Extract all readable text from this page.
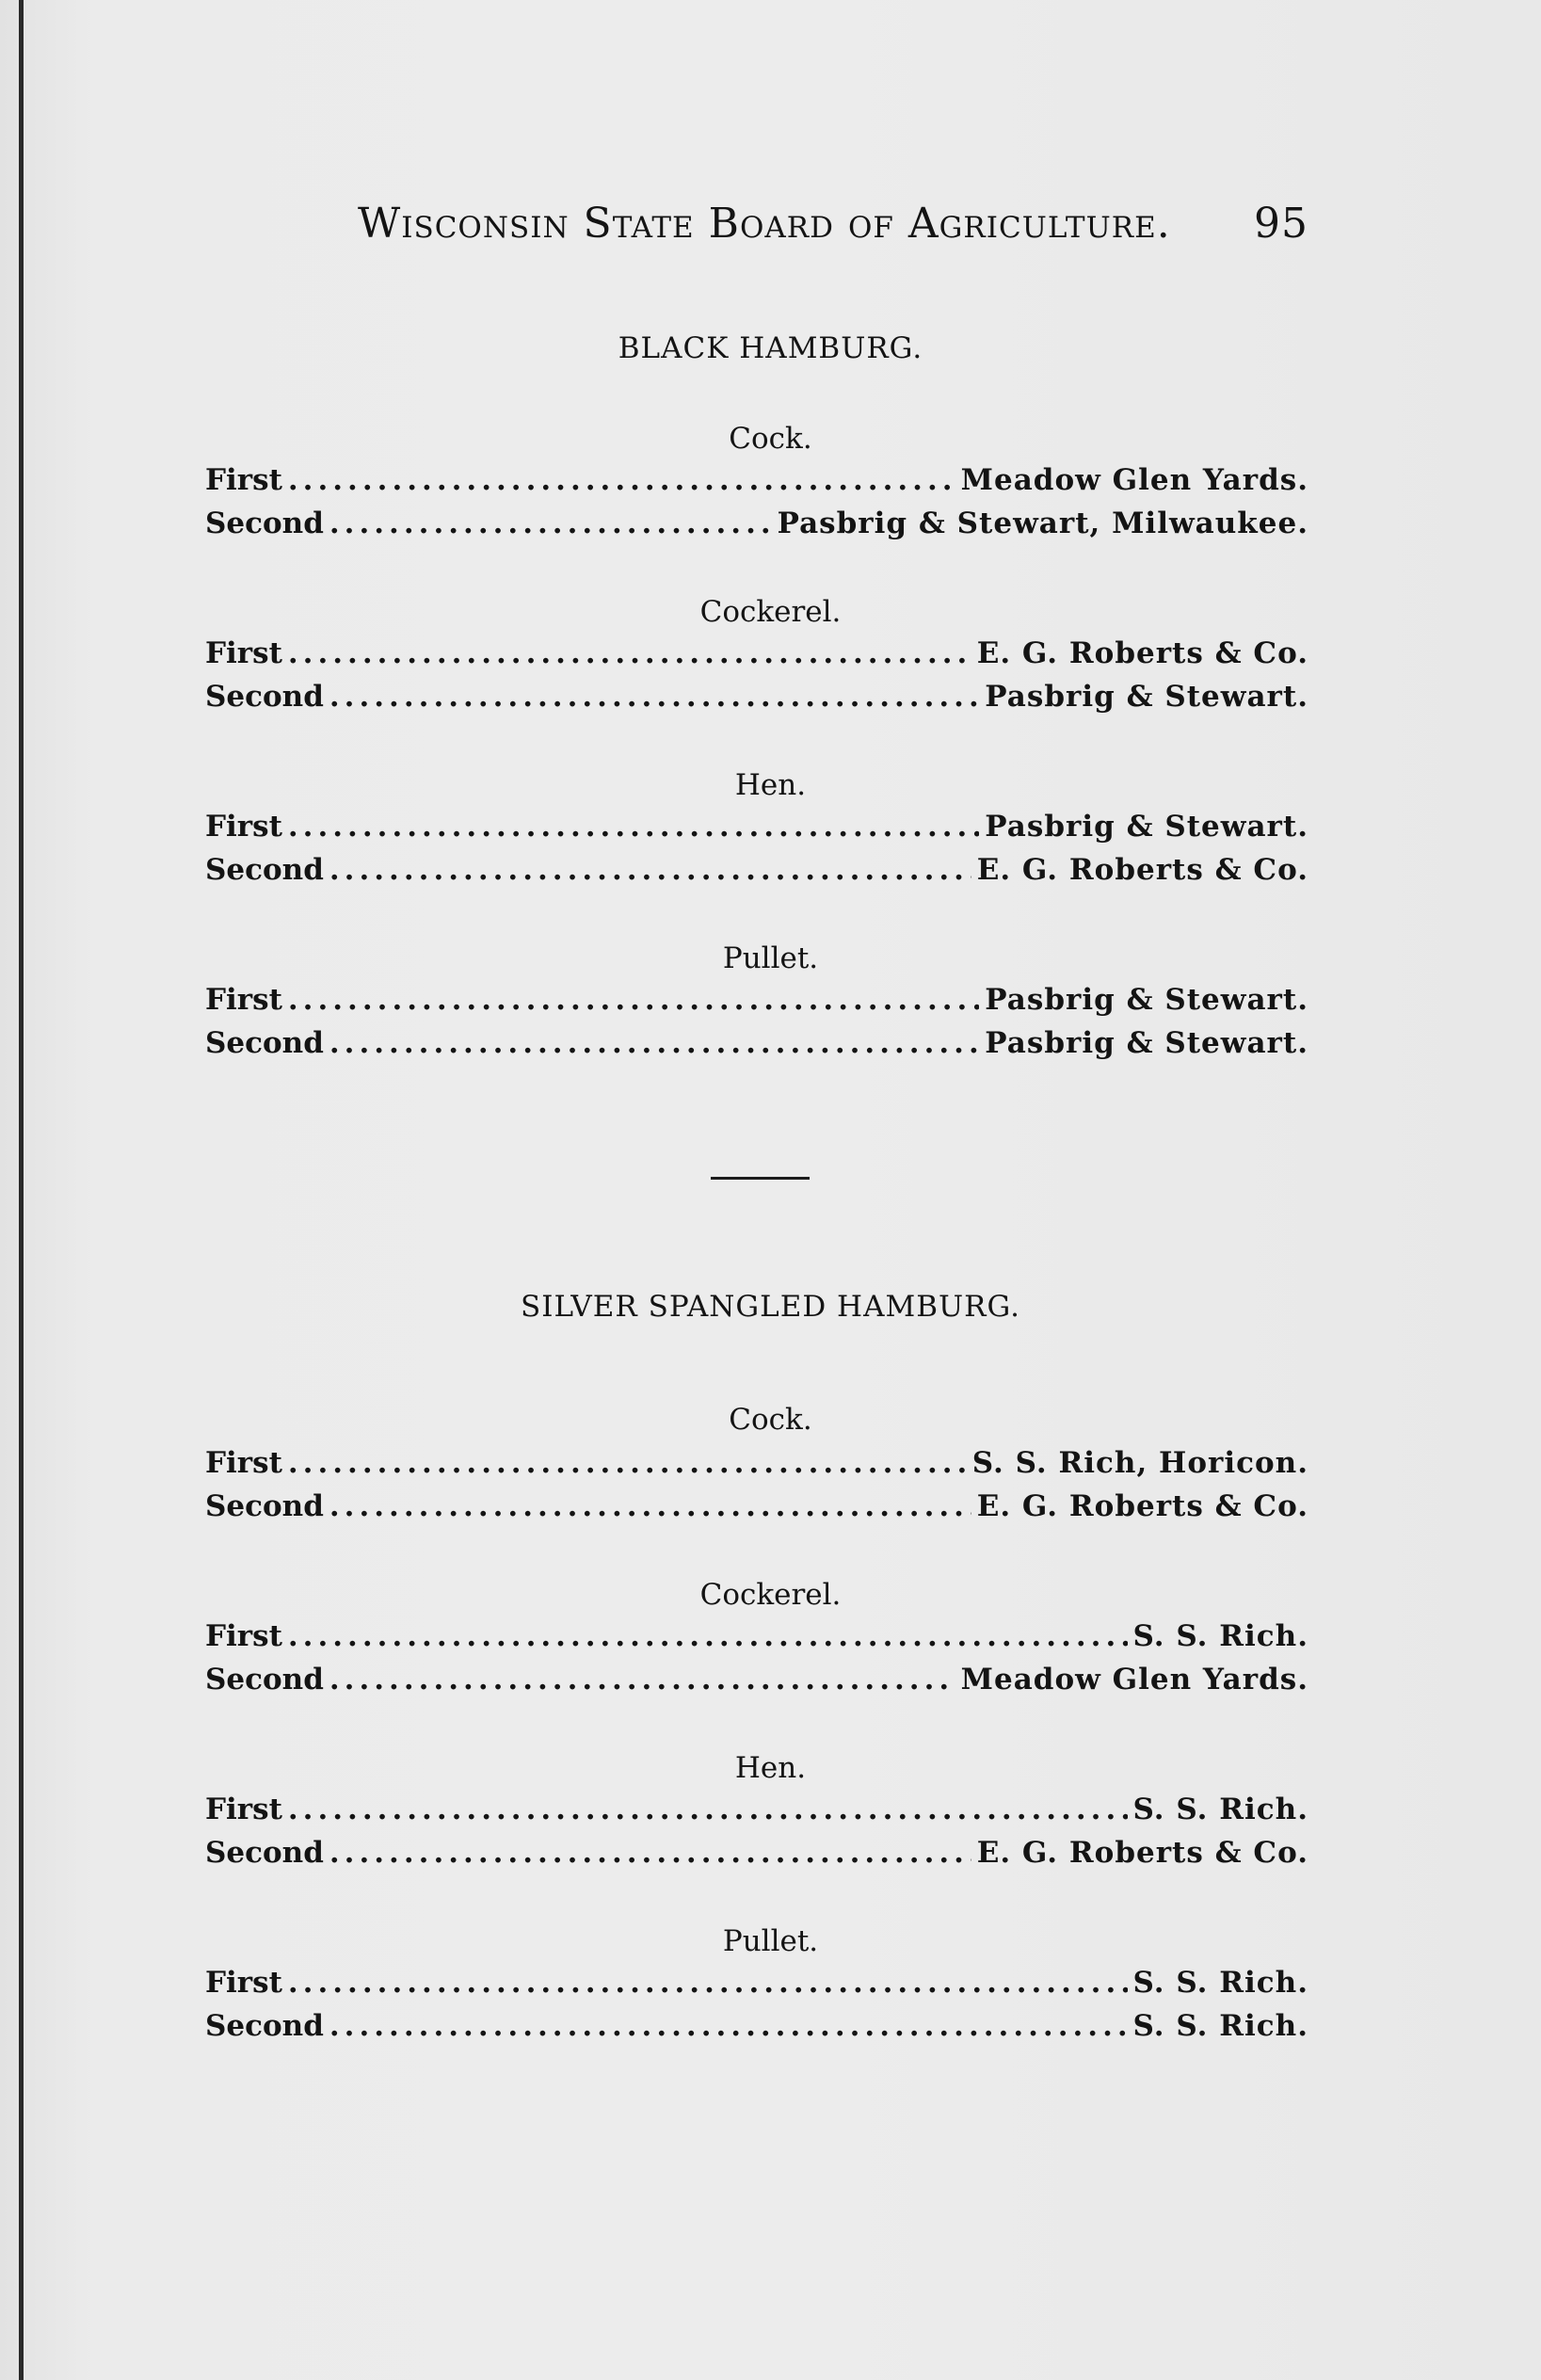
Wisconsin State Board of Agriculture. 95
BLACK HAMBURG.
Cock.
First .....	Meadow Glen Yards.
Second .....	Pasbrig & Stewart, Milwaukee.
Cockerel.
First .....	E. G. Roberts & Co.
Second .....	Pasbrig & Stewart.
Hen.
First .....	Pasbrig & Stewart.
Second .....	E. G. Roberts & Co.
Pullet.
First .....	Pasbrig & Stewart.
Second .....	Pasbrig & Stewart.
SILVER SPANGLED HAMBURG.
Cock.
First .....	S. S. Rich, Horicon.
Second .....	E. G. Roberts & Co.
Cockerel.
First .....	S. S. Rich.
Second .....	Meadow Glen Yards.
Hen.
First .....	S. S. Rich.
Second .....	E. G. Roberts & Co.
Pullet.
First .....	S. S. Rich.
Second .....	S. S. Rich.
